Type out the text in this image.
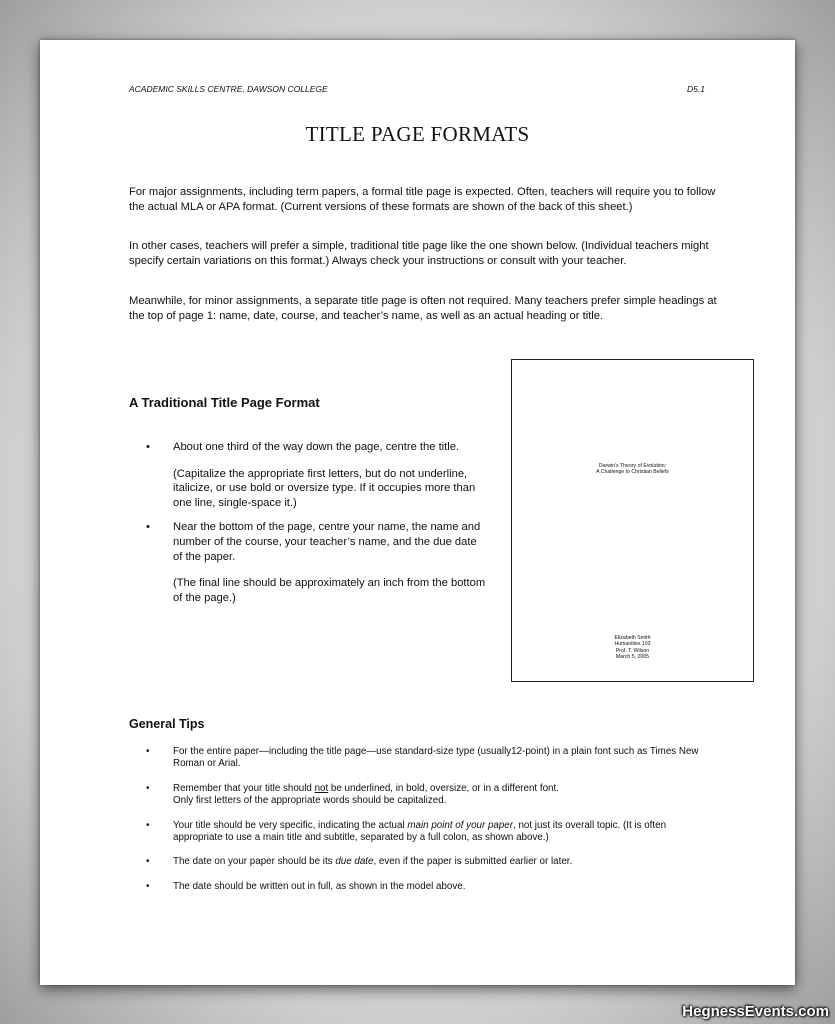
ACADEMIC SKILLS CENTRE, DAWSON COLLEGE	D5.1
TITLE PAGE FORMATS
For major assignments, including term papers, a formal title page is expected. Often, teachers will require you to follow the actual MLA or APA format. (Current versions of these formats are shown of the back of this sheet.)
In other cases, teachers will prefer a simple, traditional title page like the one shown below. (Individual teachers might specify certain variations on this format.) Always check your instructions or consult with your teacher.
Meanwhile, for minor assignments, a separate title page is often not required. Many teachers prefer simple headings at the top of page 1: name, date, course, and teacher’s name, as well as an actual heading or title.
A Traditional Title Page Format
• About one third of the way down the page, centre the title.
(Capitalize the appropriate first letters, but do not underline, italicize, or use bold or oversize type. If it occupies more than one line, single-space it.)
• Near the bottom of the page, centre your name, the name and number of the course, your teacher’s name, and the due date of the paper.
(The final line should be approximately an inch from the bottom of the page.)
Darwin’s Theory of Evolution:
A Challenge to Christian Beliefs
Elizabeth Smith
Humanities 103
Prof. T. Wilson
March 5, 2005
General Tips
• For the entire paper—including the title page—use standard-size type (usually12-point) in a plain font such as Times New Roman or Arial.
• Remember that your title should not be underlined, in bold, oversize, or in a different font.
Only first letters of the appropriate words should be capitalized.
• Your title should be very specific, indicating the actual main point of your paper, not just its overall topic. (It is often appropriate to use a main title and subtitle, separated by a full colon, as shown above.)
• The date on your paper should be its due date, even if the paper is submitted earlier or later.
• The date should be written out in full, as shown in the model above.
HegnessEvents.com
